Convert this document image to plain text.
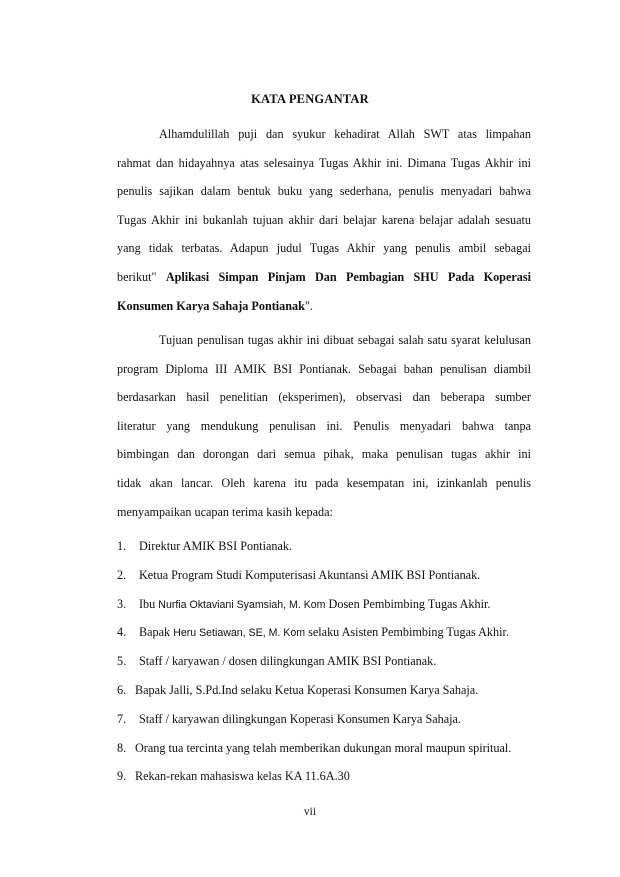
KATA PENGANTAR
Alhamdulillah puji dan syukur kehadirat Allah SWT atas limpahan
rahmat dan hidayahnya atas selesainya Tugas Akhir ini. Dimana Tugas Akhir ini
penulis sajikan dalam bentuk buku yang sederhana, penulis menyadari bahwa
Tugas Akhir ini bukanlah tujuan akhir dari belajar karena belajar adalah sesuatu
yang tidak terbatas. Adapun judul Tugas Akhir yang penulis ambil sebagai
berikut" Aplikasi Simpan Pinjam Dan Pembagian SHU Pada Koperasi
Konsumen Karya Sahaja Pontianak".
Tujuan penulisan tugas akhir ini dibuat sebagai salah satu syarat kelulusan
program Diploma III AMIK BSI Pontianak. Sebagai bahan penulisan diambil
berdasarkan hasil penelitian (eksperimen), observasi dan beberapa sumber
literatur yang mendukung penulisan ini. Penulis menyadari bahwa tanpa
bimbingan dan dorongan dari semua pihak, maka penulisan tugas akhir ini
tidak akan lancar. Oleh karena itu pada kesempatan ini, izinkanlah penulis
menyampaikan ucapan terima kasih kepada:
1. Direktur AMIK BSI Pontianak.
2. Ketua Program Studi Komputerisasi Akuntansi AMIK BSI Pontianak.
3. Ibu Nurfia Oktaviani Syamsiah, M. Kom Dosen Pembimbing Tugas Akhir.
4. Bapak Heru Setiawan, SE, M. Kom selaku Asisten Pembimbing Tugas Akhir.
5. Staff / karyawan / dosen dilingkungan AMIK BSI Pontianak.
6. Bapak Jalli, S.Pd.Ind selaku Ketua Koperasi Konsumen Karya Sahaja.
7. Staff / karyawan dilingkungan Koperasi Konsumen Karya Sahaja.
8. Orang tua tercinta yang telah memberikan dukungan moral maupun spiritual.
9. Rekan-rekan mahasiswa kelas KA 11.6A.30
vii
